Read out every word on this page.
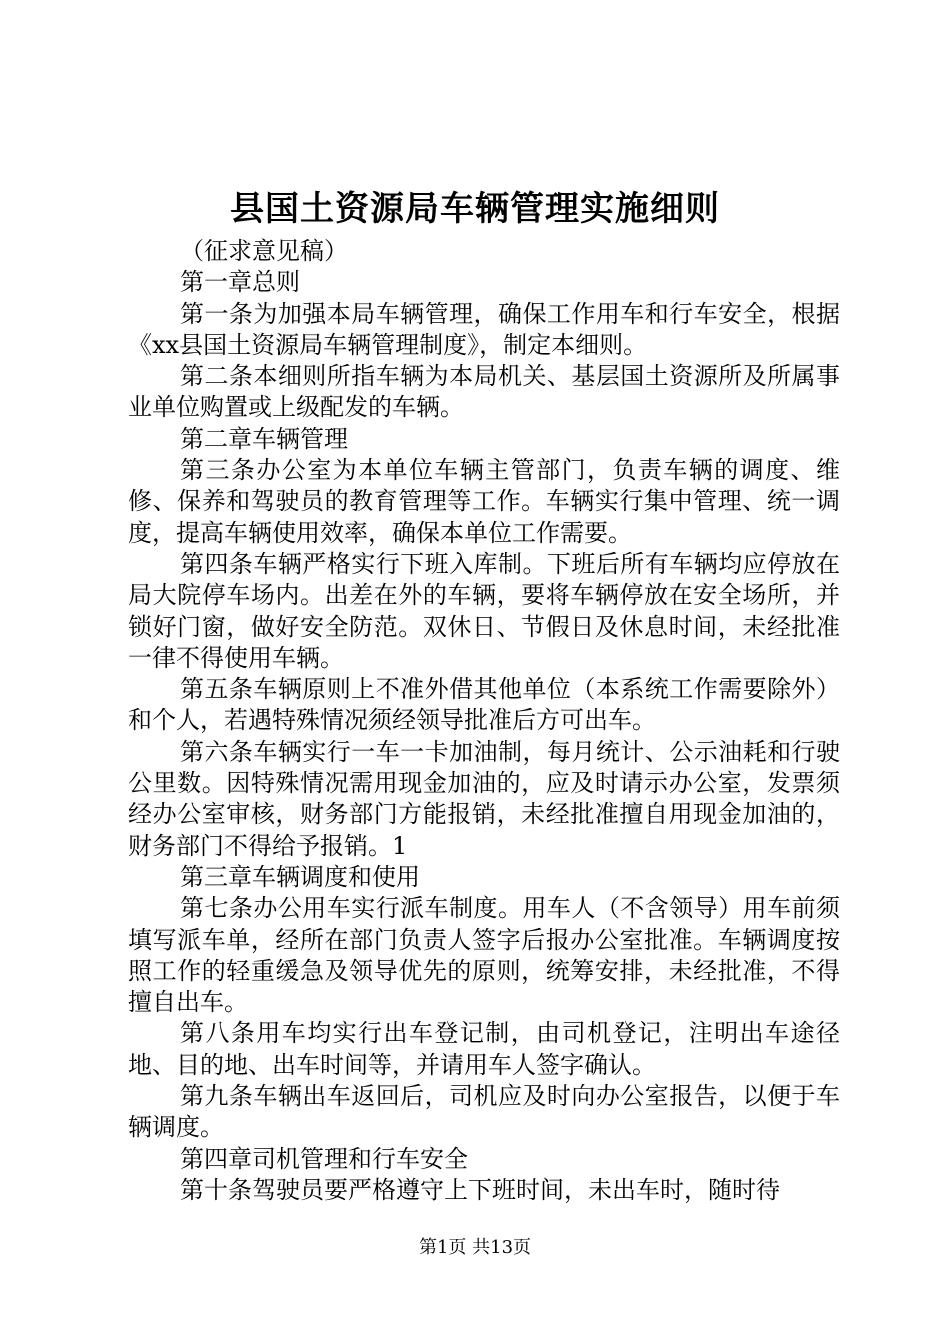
县国土资源局车辆管理实施细则

（征求意见稿）

第一章总则

第一条为加强本局车辆管理，确保工作用车和行车安全，根据《xx县国土资源局车辆管理制度》，制定本细则。

第二条本细则所指车辆为本局机关、基层国土资源所及所属事业单位购置或上级配发的车辆。

第二章车辆管理

第三条办公室为本单位车辆主管部门，负责车辆的调度、维修、保养和驾驶员的教育管理等工作。车辆实行集中管理、统一调度，提高车辆使用效率，确保本单位工作需要。

第四条车辆严格实行下班入库制。下班后所有车辆均应停放在局大院停车场内。出差在外的车辆，要将车辆停放在安全场所，并锁好门窗，做好安全防范。双休日、节假日及休息时间，未经批准一律不得使用车辆。

第五条车辆原则上不准外借其他单位（本系统工作需要除外）和个人，若遇特殊情况须经领导批准后方可出车。

第六条车辆实行一车一卡加油制，每月统计、公示油耗和行驶公里数。因特殊情况需用现金加油的，应及时请示办公室，发票须经办公室审核，财务部门方能报销，未经批准擅自用现金加油的，财务部门不得给予报销。1

第三章车辆调度和使用

第七条办公用车实行派车制度。用车人（不含领导）用车前须填写派车单，经所在部门负责人签字后报办公室批准。车辆调度按照工作的轻重缓急及领导优先的原则，统筹安排，未经批准，不得擅自出车。

第八条用车均实行出车登记制，由司机登记，注明出车途径地、目的地、出车时间等，并请用车人签字确认。

第九条车辆出车返回后，司机应及时向办公室报告，以便于车辆调度。

第四章司机管理和行车安全

第十条驾驶员要严格遵守上下班时间，未出车时，随时待

第1页 共13页
